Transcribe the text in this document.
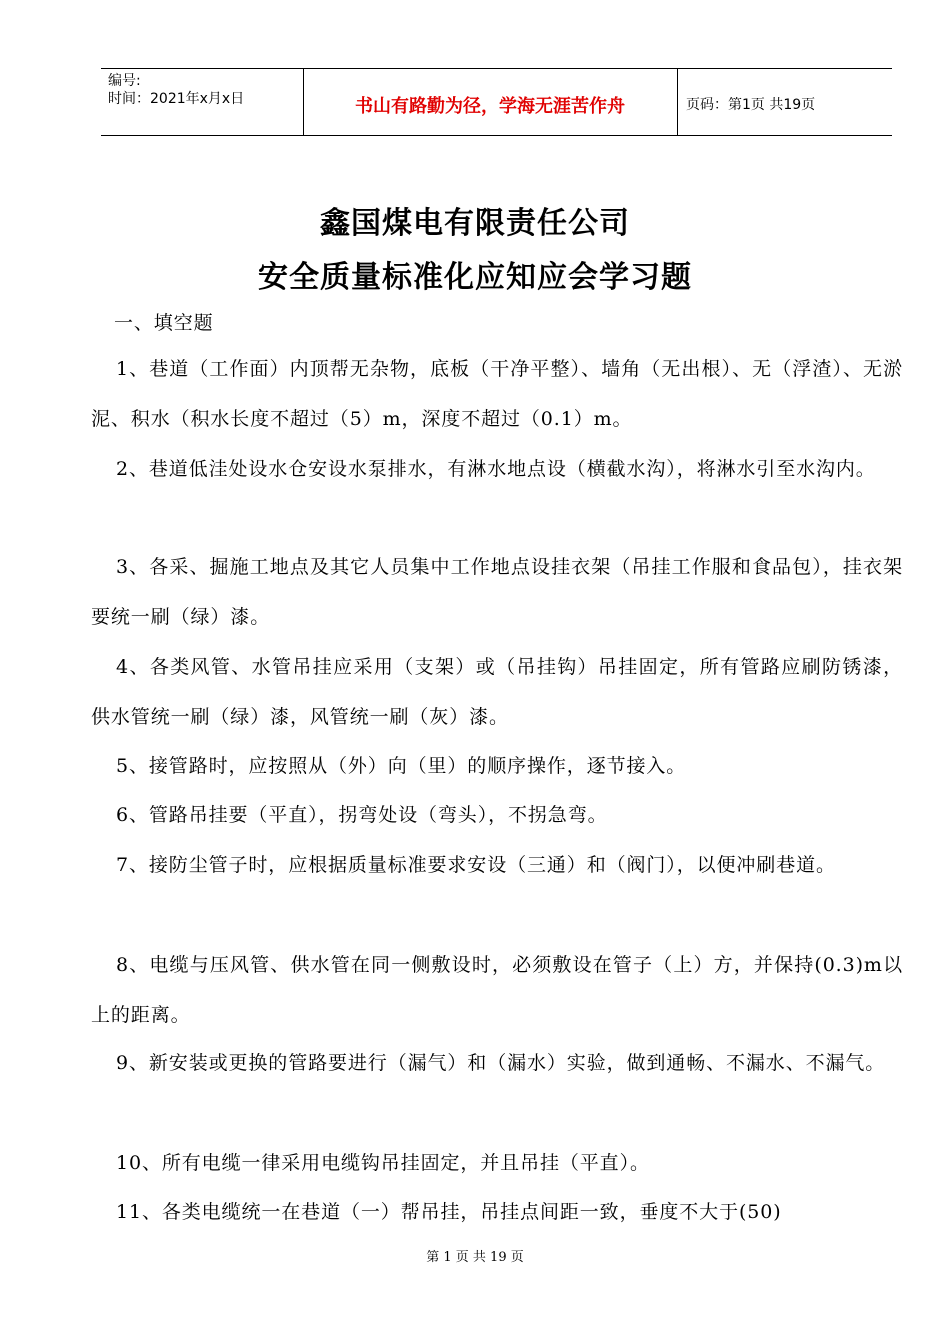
编号:
时间：2021年x月x日	书山有路勤为径，学海无涯苦作舟	页码：第1页 共19页
鑫国煤电有限责任公司
安全质量标准化应知应会学习题
一、填空题
1、巷道（工作面）内顶帮无杂物，底板（干净平整）、墙角（无出根）、无（浮渣）、无淤泥、积水（积水长度不超过（5）m，深度不超过（0.1）m。
2、巷道低洼处设水仓安设水泵排水，有淋水地点设（横截水沟），将淋水引至水沟内。
3、各采、掘施工地点及其它人员集中工作地点设挂衣架（吊挂工作服和食品包），挂衣架要统一刷（绿）漆。
4、各类风管、水管吊挂应采用（支架）或（吊挂钩）吊挂固定，所有管路应刷防锈漆，供水管统一刷（绿）漆，风管统一刷（灰）漆。
5、接管路时，应按照从（外）向（里）的顺序操作，逐节接入。
6、管路吊挂要（平直），拐弯处设（弯头），不拐急弯。
7、接防尘管子时，应根据质量标准要求安设（三通）和（阀门），以便冲刷巷道。
8、电缆与压风管、供水管在同一侧敷设时，必须敷设在管子（上）方，并保持(0.3)m以上的距离。
9、新安装或更换的管路要进行（漏气）和（漏水）实验，做到通畅、不漏水、不漏气。
10、所有电缆一律采用电缆钩吊挂固定，并且吊挂（平直）。
11、各类电缆统一在巷道（一）帮吊挂，吊挂点间距一致，垂度不大于(50)
第 1 页 共 19 页
